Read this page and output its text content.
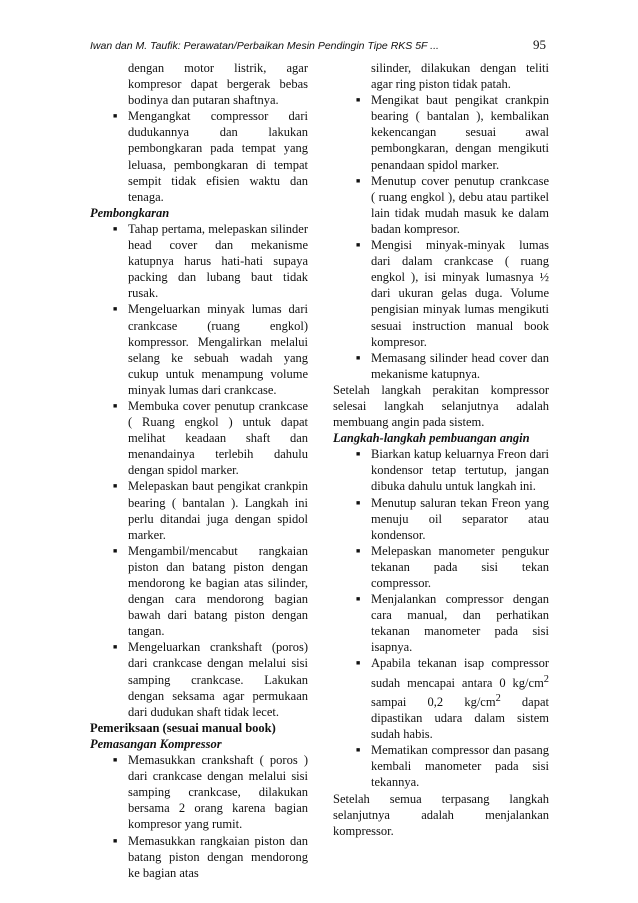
Iwan dan M. Taufik: Perawatan/Perbaikan Mesin Pendingin Tipe RKS 5F ...	95

dengan motor listrik, agar kompresor dapat bergerak bebas bodinya dan putaran shaftnya.

■ Mengangkat compressor dari dudukannya dan lakukan pembongkaran pada tempat yang leluasa, pembongkaran di tempat sempit tidak efisien waktu dan tenaga.

Pembongkaran

■ Tahap pertama, melepaskan silinder head cover dan mekanisme katupnya harus hati-hati supaya packing dan lubang baut tidak rusak.

■ Mengeluarkan minyak lumas dari crankcase (ruang engkol) kompressor. Mengalirkan melalui selang ke sebuah wadah yang cukup untuk menampung volume minyak lumas dari crankcase.

■ Membuka cover penutup crankcase ( Ruang engkol ) untuk dapat melihat keadaan shaft dan menandainya terlebih dahulu dengan spidol marker.

■ Melepaskan baut pengikat crankpin bearing ( bantalan ). Langkah ini perlu ditandai juga dengan spidol marker.

■ Mengambil/mencabut rangkaian piston dan batang piston dengan mendorong ke bagian atas silinder, dengan cara mendorong bagian bawah dari batang piston dengan tangan.

■ Mengeluarkan crankshaft (poros) dari crankcase dengan melalui sisi samping crankcase. Lakukan dengan seksama agar permukaan dari dudukan shaft tidak lecet.

Pemeriksaan (sesuai manual book)

Pemasangan Kompressor

■ Memasukkan crankshaft ( poros ) dari crankcase dengan melalui sisi samping crankcase, dilakukan bersama 2 orang karena bagian kompresor yang rumit.

■ Memasukkan rangkaian piston dan batang piston dengan mendorong ke bagian atas

silinder, dilakukan dengan teliti agar ring piston tidak patah.

■ Mengikat baut pengikat crankpin bearing ( bantalan ), kembalikan kekencangan sesuai awal pembongkaran, dengan mengikuti penandaan spidol marker.

■ Menutup cover penutup crankcase ( ruang engkol ), debu atau partikel lain tidak mudah masuk ke dalam badan kompresor.

■ Mengisi minyak-minyak lumas dari dalam crankcase ( ruang engkol ), isi minyak lumasnya ½ dari ukuran gelas duga. Volume pengisian minyak lumas mengikuti sesuai instruction manual book kompresor.

■ Memasang silinder head cover dan mekanisme katupnya.

Setelah langkah perakitan kompressor selesai langkah selanjutnya adalah membuang angin pada sistem.

Langkah-langkah pembuangan angin

■ Biarkan katup keluarnya Freon dari kondensor tetap tertutup, jangan dibuka dahulu untuk langkah ini.

■ Menutup saluran tekan Freon yang menuju oil separator atau kondensor.

■ Melepaskan manometer pengukur tekanan pada sisi tekan compressor.

■ Menjalankan compressor dengan cara manual, dan perhatikan tekanan manometer pada sisi isapnya.

■ Apabila tekanan isap compressor sudah mencapai antara 0 $kg/cm^2$ sampai 0,2 $kg/cm^2$ dapat dipastikan udara dalam sistem sudah habis.

■ Mematikan compressor dan pasang kembali manometer pada sisi tekannya.

Setelah semua terpasang langkah selanjutnya adalah menjalankan kompressor.
